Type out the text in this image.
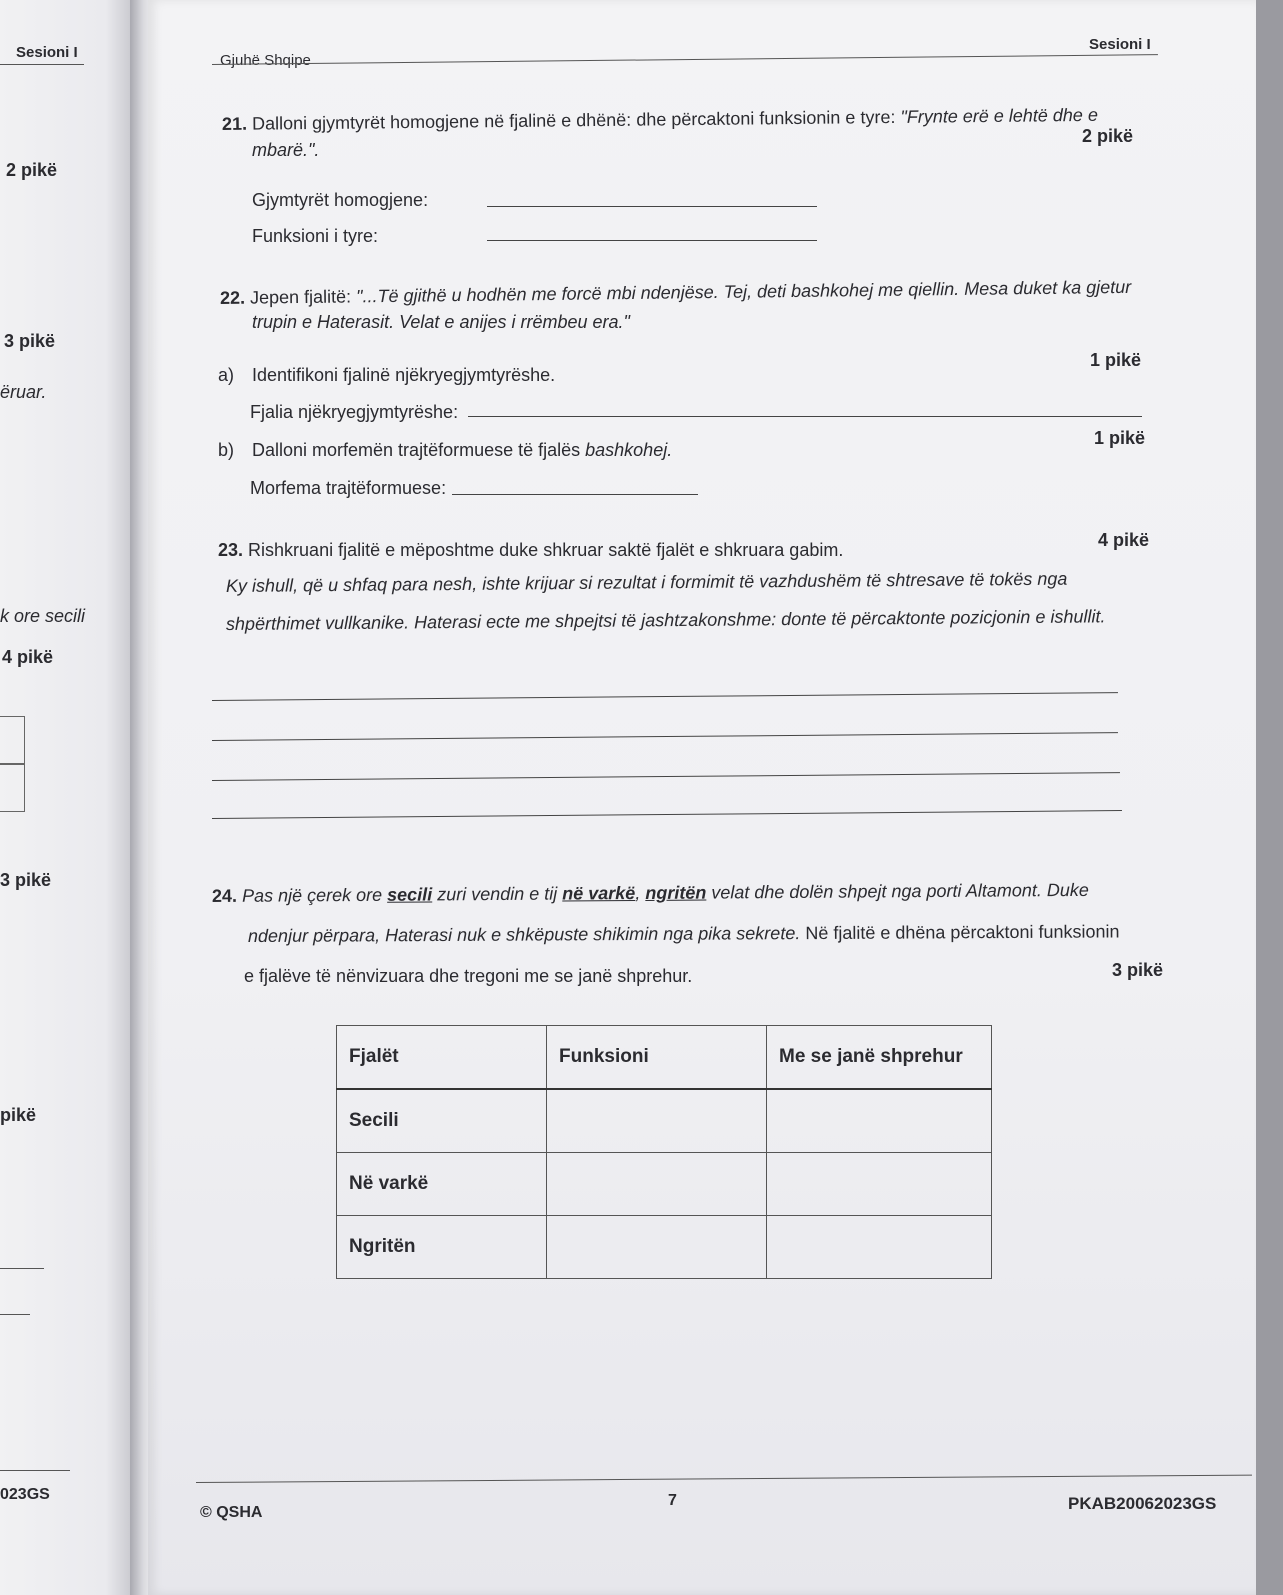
Sesioni I
2 pikë
3 pikë
ëruar.
k ore secili
4 pikë
3 pikë
pikë
023GS
Sesioni I
Gjuhë Shqipe
21. Dalloni gjymtyrët homogjene në fjalinë e dhënë: dhe përcaktoni funksionin e tyre: "Frynte erë e lehtë dhe e
mbarë.".
2 pikë
Gjymtyrët homogjene:
Funksioni i tyre:
22. Jepen fjalitë: "...Të gjithë u hodhën me forcë mbi ndenjëse. Tej, deti bashkohej me qiellin. Mesa duket ka gjetur
trupin e Haterasit. Velat e anijes i rrëmbeu era."
a) Identifikoni fjalinë njëkryegjymtyrëshe.
1 pikë
Fjalia njëkryegjymtyrëshe:
b) Dalloni morfemën trajtëformuese të fjalës bashkohej.
1 pikë
Morfema trajtëformuese:
23. Rishkruani fjalitë e mëposhtme duke shkruar saktë fjalët e shkruara gabim.	4 pikë
Ky ishull, që u shfaq para nesh, ishte krijuar si rezultat i formimit të vazhdushëm të shtresave të tokës nga
shpërthimet vullkanike. Haterasi ecte me shpejtsi të jashtzakonshme: donte të përcaktonte pozicjonin e ishullit.
24. Pas një çerek ore secili zuri vendin e tij në varkë, ngritën velat dhe dolën shpejt nga porti Altamont. Duke
ndenjur përpara, Haterasi nuk e shkëpuste shikimin nga pika sekrete. Në fjalitë e dhëna përcaktoni funksionin
e fjalëve të nënvizuara dhe tregoni me se janë shprehur.	3 pikë
Fjalët	Funksioni	Me se janë shprehur
Secili		
Në varkë		
Ngritën		
© QSHA
7	PKAB20062023GS
